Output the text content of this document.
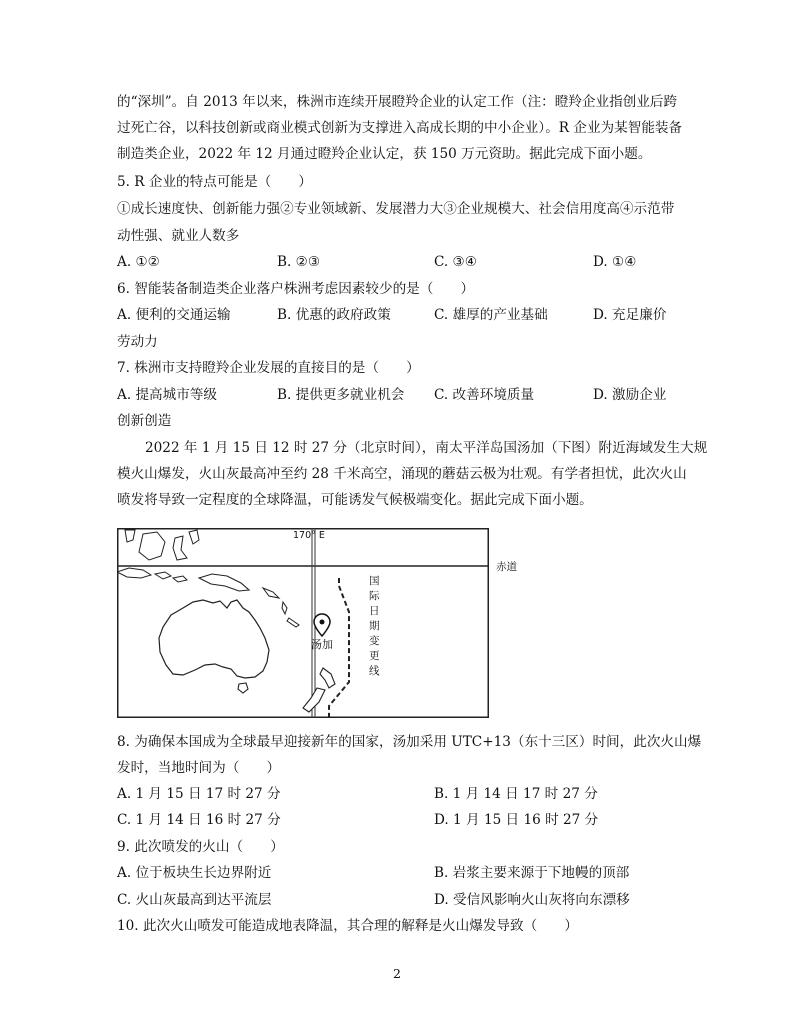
的“深圳”。自 2013 年以来，株洲市连续开展瞪羚企业的认定工作（注：瞪羚企业指创业后跨
过死亡谷，以科技创新或商业模式创新为支撑进入高成长期的中小企业）。R 企业为某智能装备
制造类企业，2022 年 12 月通过瞪羚企业认定，获 150 万元资助。据此完成下面小题。
5. R 企业的特点可能是（　　）
①成长速度快、创新能力强②专业领域新、发展潜力大③企业规模大、社会信用度高④示范带
动性强、就业人数多
A. ①②	B. ②③	C. ③④	D. ①④
6. 智能装备制造类企业落户株洲考虑因素较少的是（　　）
A. 便利的交通运输	B. 优惠的政府政策	C. 雄厚的产业基础	D. 充足廉价
劳动力
7. 株洲市支持瞪羚企业发展的直接目的是（　　）
A. 提高城市等级	B. 提供更多就业机会 C. 改善环境质量	D. 激励企业
创新创造
2022 年 1 月 15 日 12 时 27 分（北京时间），南太平洋岛国汤加（下图）附近海域发生大规
模火山爆发，火山灰最高冲至约 28 千米高空，涌现的蘑菇云极为壮观。有学者担忧，此次火山
喷发将导致一定程度的全球降温，可能诱发气候极端变化。据此完成下面小题。
汤加
170° E
国
际
日
期
变
更
线
赤道
8. 为确保本国成为全球最早迎接新年的国家，汤加采用 UTC+13（东十三区）时间，此次火山爆
发时，当地时间为（　　）
A. 1 月 15 日 17 时 27 分	B. 1 月 14 日 17 时 27 分
C. 1 月 14 日 16 时 27 分	D. 1 月 15 日 16 时 27 分
9. 此次喷发的火山（　　）
A. 位于板块生长边界附近	B. 岩浆主要来源于下地幔的顶部
C. 火山灰最高到达平流层	D. 受信风影响火山灰将向东漂移
10. 此次火山喷发可能造成地表降温，其合理的解释是火山爆发导致（　　）
2
